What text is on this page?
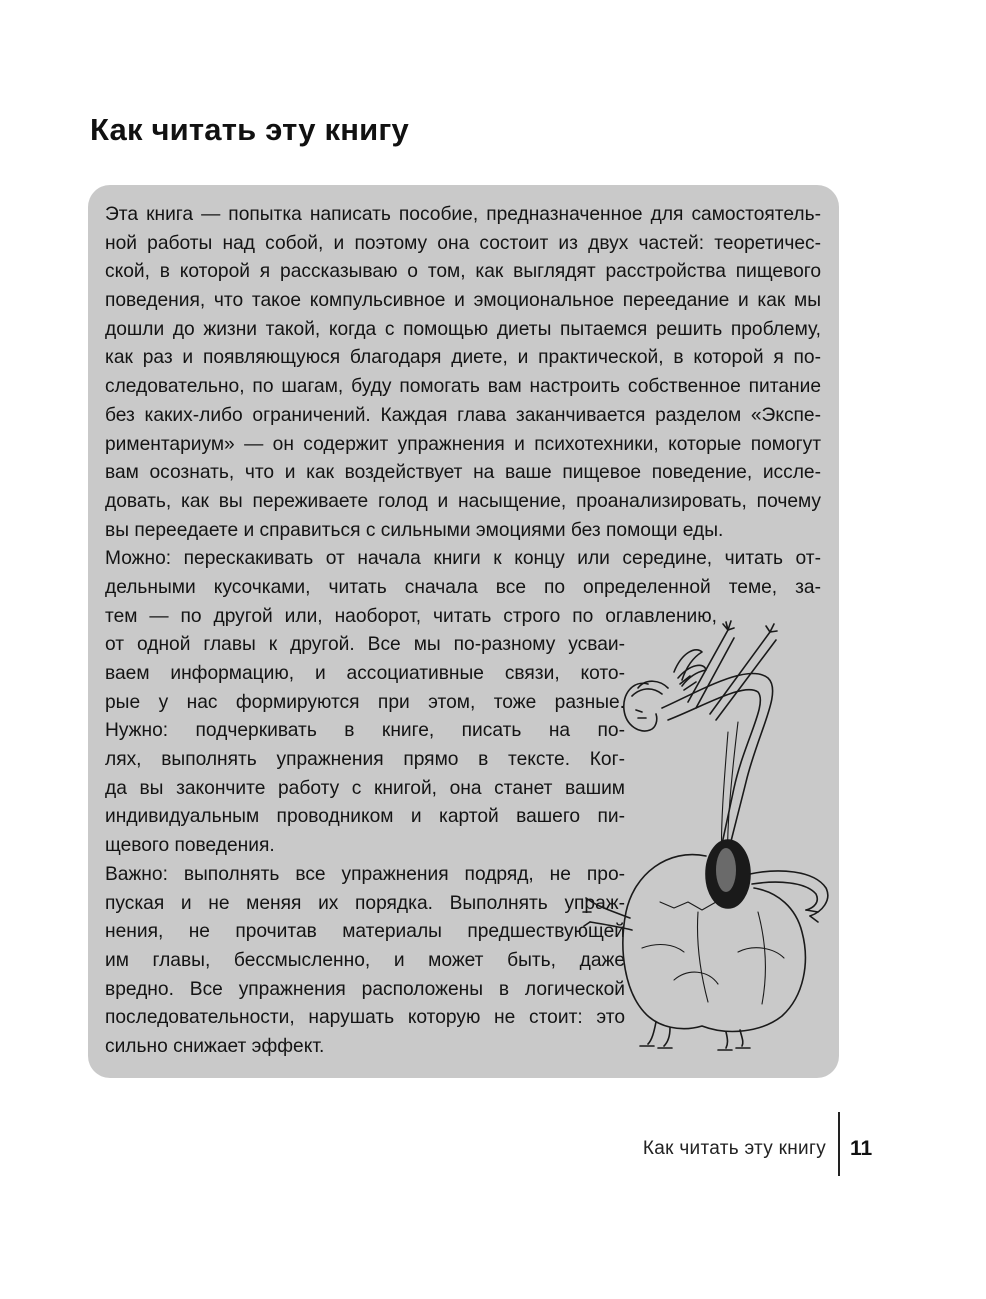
Как читать эту книгу
Эта книга — попытка написать пособие, предназначенное для самостоятель-
ной работы над собой, и поэтому она состоит из двух частей: теоретичес-
ской, в которой я рассказываю о том, как выглядят расстройства пищевого
поведения, что такое компульсивное и эмоциональное переедание и как мы
дошли до жизни такой, когда с помощью диеты пытаемся решить проблему,
как раз и появляющуюся благодаря диете, и практической, в которой я по-
следовательно, по шагам, буду помогать вам настроить собственное питание
без каких-либо ограничений. Каждая глава заканчивается разделом «Экспе-
риментариум» — он содержит упражнения и психотехники, которые помогут
вам осознать, что и как воздействует на ваше пищевое поведение, иссле-
довать, как вы переживаете голод и насыщение, проанализировать, почему
вы переедаете и справиться с сильными эмоциями без помощи еды.
Можно: перескакивать от начала книги к концу или середине, читать от-
дельными кусочками, читать сначала все по определенной теме, за-
тем — по другой или, наоборот, читать строго по оглавлению,
от одной главы к другой. Все мы по-разному усваи-
ваем информацию, и ассоциативные связи, кото-
рые у нас формируются при этом, тоже разные.
Нужно: подчеркивать в книге, писать на по-
лях, выполнять упражнения прямо в тексте. Ког-
да вы закончите работу с книгой, она станет вашим
индивидуальным проводником и картой вашего пи-
щевого поведения.
Важно: выполнять все упражнения подряд, не про-
пуская и не меняя их порядка. Выполнять упраж-
нения, не прочитав материалы предшествующей
им главы, бессмысленно, и может быть, даже
вредно. Все упражнения расположены в логической
последовательности, нарушать которую не стоит: это
сильно снижает эффект.
Как читать эту книгу 11
